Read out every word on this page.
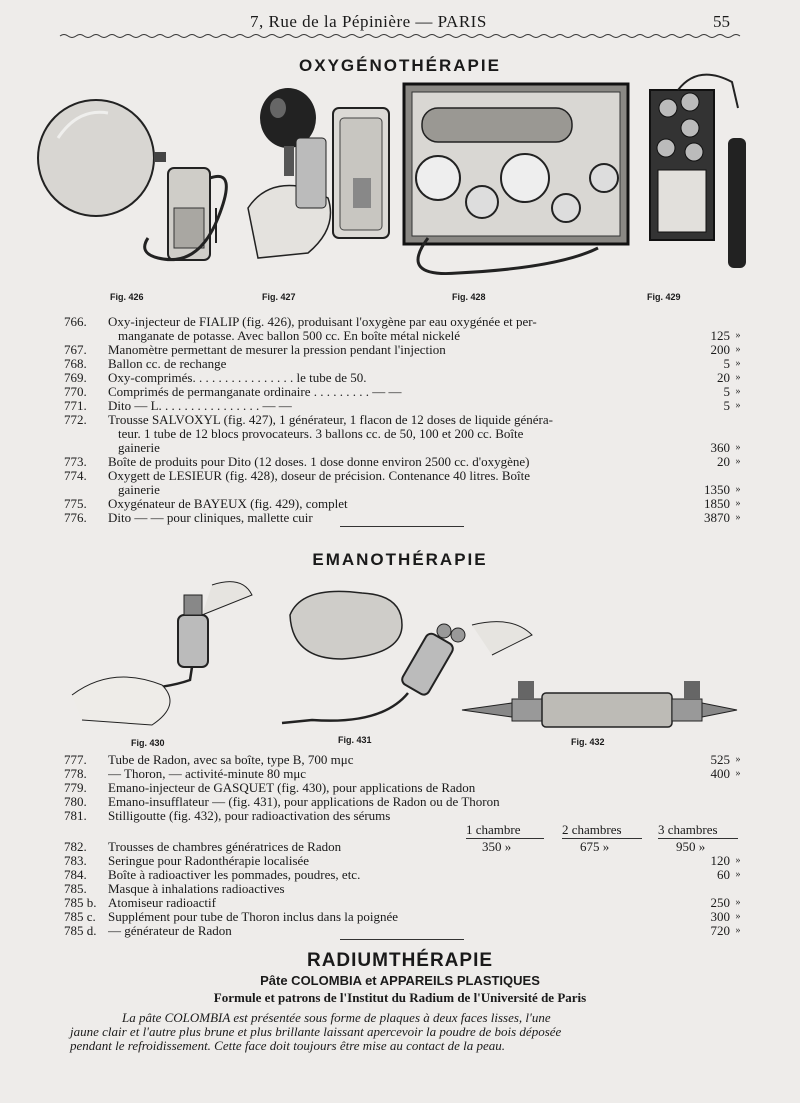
7, Rue de la Pépinière — PARIS	55
OXYGÉNOTHÉRAPIE
Fig. 426	Fig. 427	Fig. 428	Fig. 429
766.	Oxy-injecteur de FIALIP (fig. 426), produisant l'oxygène par eau oxygénée et per-
manganate de potasse. Avec ballon 500 cc. En boîte métal nickelé	125 »
767.	Manomètre permettant de mesurer la pression pendant l'injection	200 »
768.	Ballon cc. de rechange	5 »
769.	Oxy-comprimés. . . . . . . . . . . . . . . . le tube de 50.	20 »
770.	Comprimés de permanganate ordinaire . . . . . . . . . — —	5 »
771.	Dito — L. . . . . . . . . . . . . . . . — —	5 »
772.	Trousse SALVOXYL (fig. 427), 1 générateur, 1 flacon de 12 doses de liquide généra-
teur. 1 tube de 12 blocs provocateurs. 3 ballons cc. de 50, 100 et 200 cc. Boîte
gainerie	360 »
773.	Boîte de produits pour Dito (12 doses. 1 dose donne environ 2500 cc. d'oxygène)	20 »
774.	Oxygett de LESIEUR (fig. 428), doseur de précision. Contenance 40 litres. Boîte
gainerie	1350 »
775.	Oxygénateur de BAYEUX (fig. 429), complet	1850 »
776.	Dito — — pour cliniques, mallette cuir	3870 »
EMANOTHÉRAPIE
Fig. 430	Fig. 431	Fig. 432
777.	Tube de Radon, avec sa boîte, type B, 700 mμc	525 »
778.	— Thoron, — activité-minute 80 mμc	400 »
779.	Emano-injecteur de GASQUET (fig. 430), pour applications de Radon
780.	Emano-insufflateur — (fig. 431), pour applications de Radon ou de Thoron
781.	Stilligoutte (fig. 432), pour radioactivation des sérums
1 chambre	2 chambres	3 chambres
782.	Trousses de chambres génératrices de Radon	350 »	675 »	950 »
783.	Seringue pour Radonthérapie localisée	120 »
784.	Boîte à radioactiver les pommades, poudres, etc.	60 »
785.	Masque à inhalations radioactives
785 b. Atomiseur radioactif	250 »
785 c. Supplément pour tube de Thoron inclus dans la poignée	300 »
785 d. — générateur de Radon	720 »
RADIUMTHÉRAPIE
Pâte COLOMBIA et APPAREILS PLASTIQUES
Formule et patrons de l'Institut du Radium de l'Université de Paris
La pâte COLOMBIA est présentée sous forme de plaques à deux faces lisses, l'une
jaune clair et l'autre plus brune et plus brillante laissant apercevoir la poudre de bois déposée
pendant le refroidissement. Cette face doit toujours être mise au contact de la peau.
